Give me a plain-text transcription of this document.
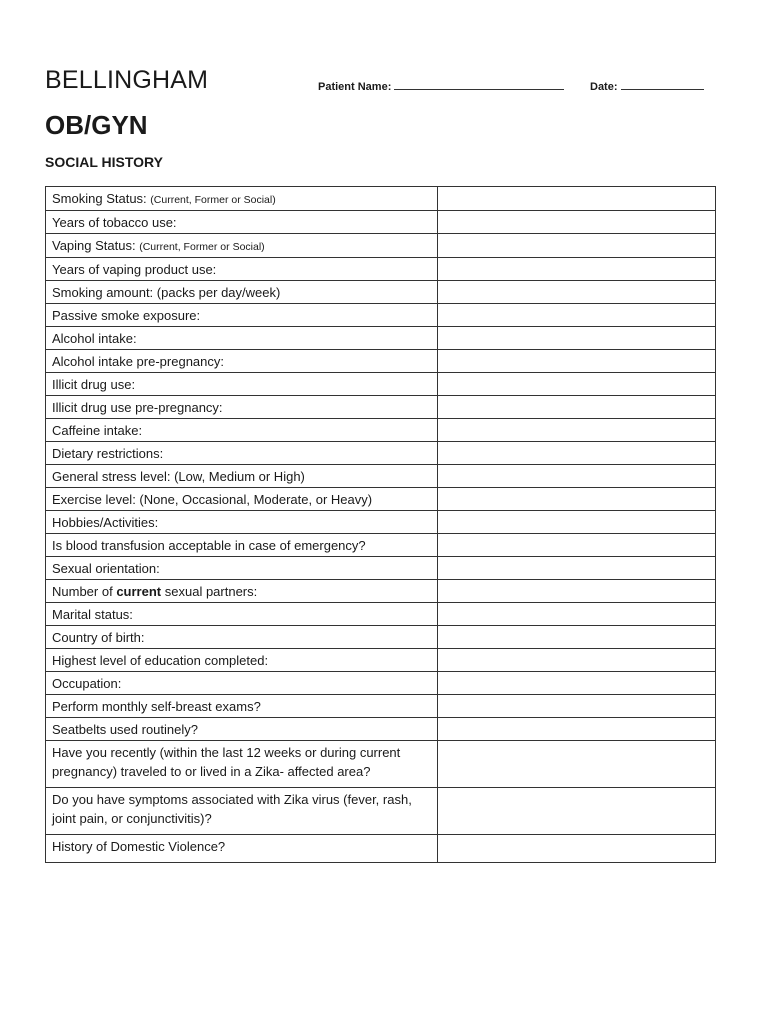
BELLINGHAM
OB/GYN
Patient Name:	Date:
SOCIAL HISTORY
Smoking Status: (Current, Former or Social)	
Years of tobacco use:	
Vaping Status: (Current, Former or Social)	
Years of vaping product use:	
Smoking amount: (packs per day/week)	
Passive smoke exposure:	
Alcohol intake:	
Alcohol intake pre-pregnancy:	
Illicit drug use:	
Illicit drug use pre-pregnancy:	
Caffeine intake:	
Dietary restrictions:	
General stress level: (Low, Medium or High)	
Exercise level: (None, Occasional, Moderate, or Heavy)	
Hobbies/Activities:	
Is blood transfusion acceptable in case of emergency?	
Sexual orientation:	
Number of current sexual partners:	
Marital status:	
Country of birth:	
Highest level of education completed:	
Occupation:	
Perform monthly self-breast exams?	
Seatbelts used routinely?	
Have you recently (within the last 12 weeks or during current pregnancy) traveled to or lived in a Zika- affected area?	
Do you have symptoms associated with Zika virus (fever, rash, joint pain, or conjunctivitis)?	
History of Domestic Violence?	
